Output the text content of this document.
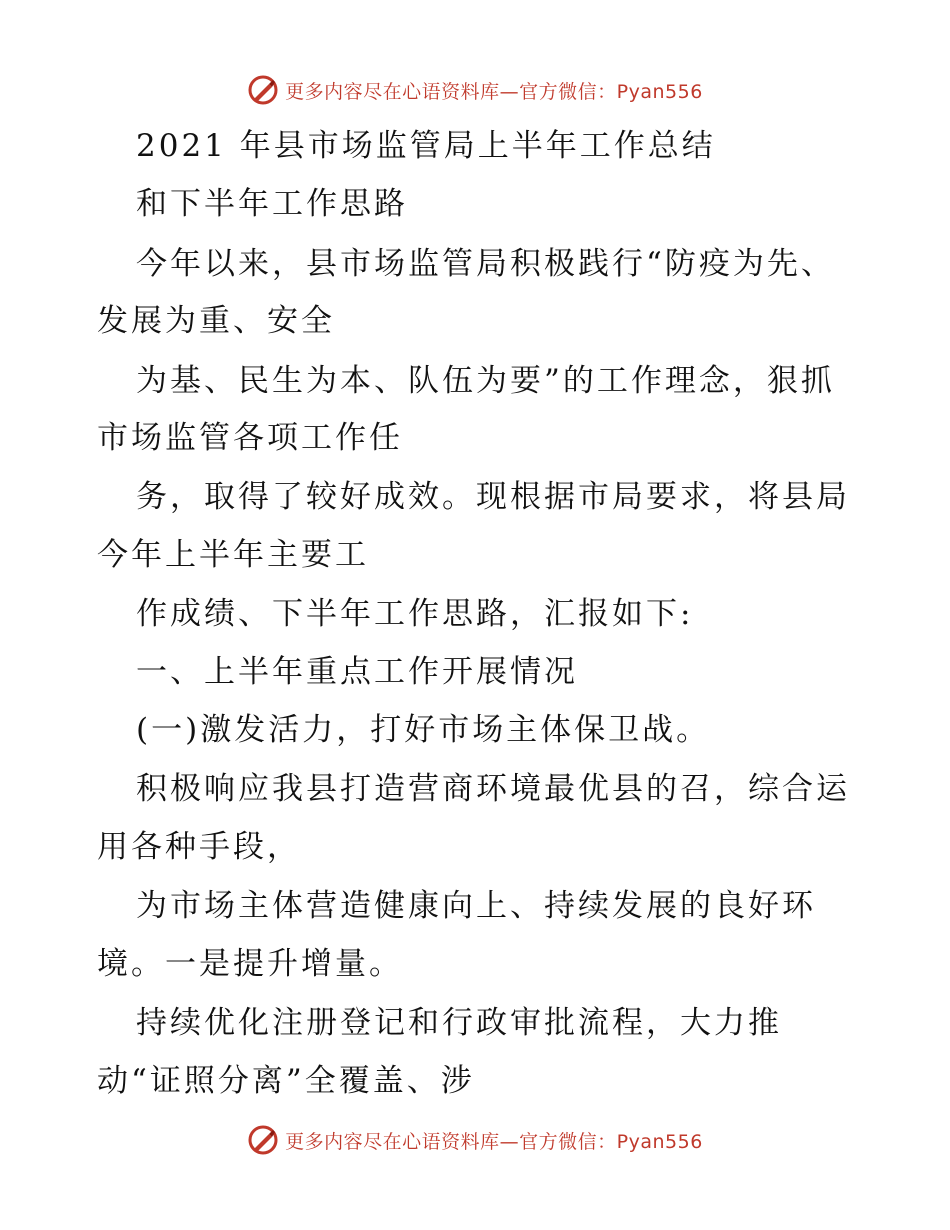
更多内容尽在心语资料库—官方微信：Pyan556
2021 年县市场监管局上半年工作总结
和下半年工作思路
今年以来，县市场监管局积极践行“防疫为先、
发展为重、安全
为基、民生为本、队伍为要”的工作理念，狠抓
市场监管各项工作任
务，取得了较好成效。现根据市局要求，将县局
今年上半年主要工
作成绩、下半年工作思路，汇报如下:
一、上半年重点工作开展情况
(一)激发活力，打好市场主体保卫战。
积极响应我县打造营商环境最优县的召，综合运
用各种手段，
为市场主体营造健康向上、持续发展的良好环
境。一是提升增量。
持续优化注册登记和行政审批流程，大力推
动“证照分离”全覆盖、涉
更多内容尽在心语资料库—官方微信：Pyan556
